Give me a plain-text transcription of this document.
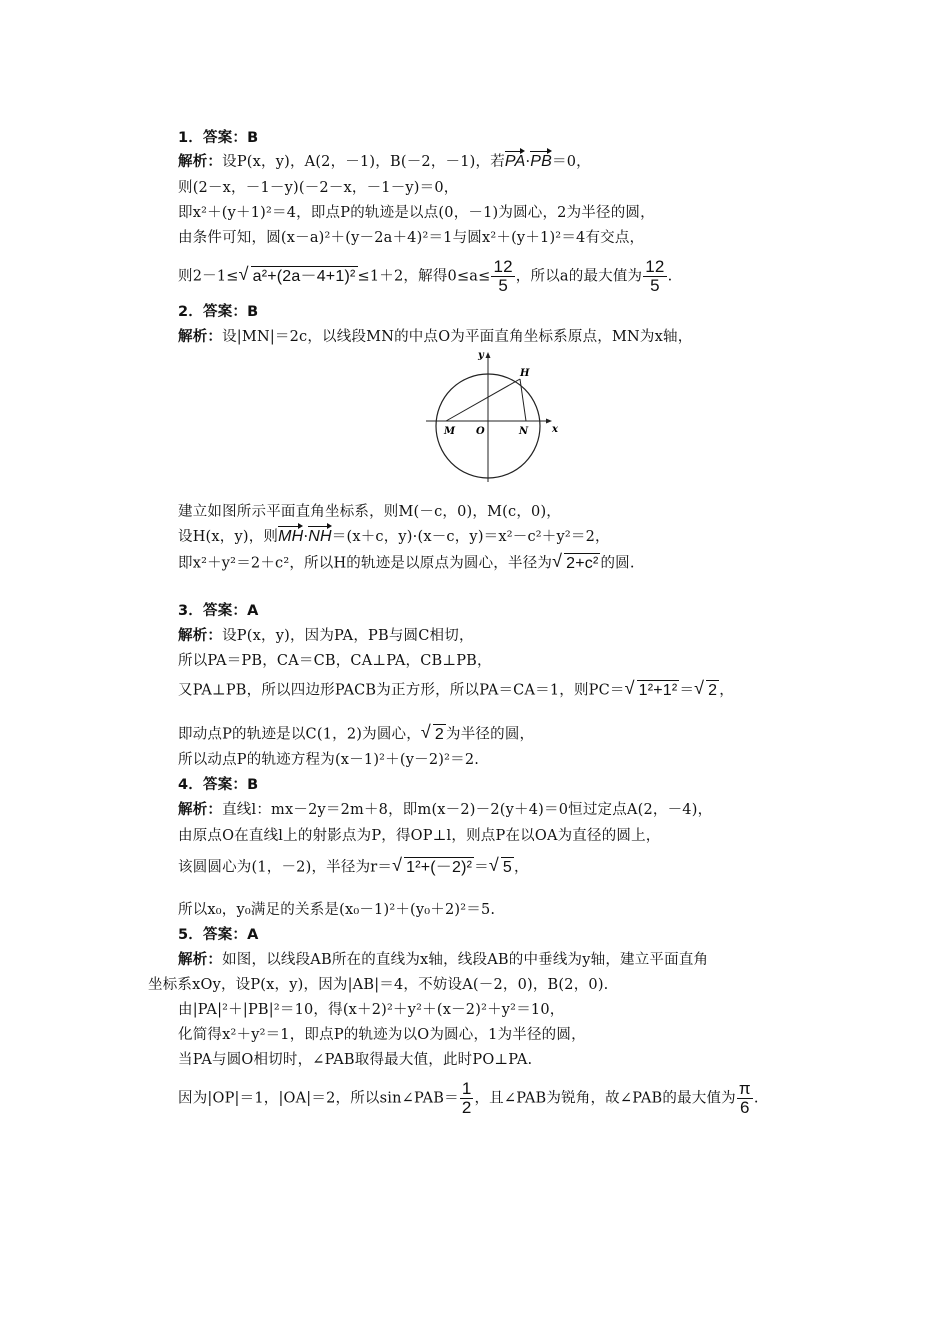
1．答案：B
解析：设P(x，y)，A(2，－1)，B(－2，－1)，若PA·PB＝0，
则(2－x，－1－y)(－2－x，－1－y)＝0，
即x²＋(y＋1)²＝4，即点P的轨迹是以点(0，－1)为圆心，2为半径的圆，
由条件可知，圆(x－a)²＋(y－2a＋4)²＝1与圆x²＋(y＋1)²＝4有交点，
则2－1≤ √ a²+(2a－4+1)² ≤1＋2，解得$0\le a\le \frac{12}{5}$ ，所以a的最大值为 $\frac{12}{5}$ .
2．答案：B
解析：设|MN|＝2c，以线段MN的中点O为平面直角坐标系原点，MN为x轴，
y
x
H
M O	N
建立如图所示平面直角坐标系，则M(－c，0)，M(c，0)，
设H(x，y)，则MH·NH＝(x＋c，y)·(x－c，y)＝x²－c²＋y²＝2，
即x²＋y²＝2＋c²，所以H的轨迹是以原点为圆心，半径为 √ 2+c² 的圆.
3．答案：A
解析：设P(x，y)，因为PA，PB与圆C相切，
所以PA＝PB，CA＝CB，CA⊥PA，CB⊥PB，
又PA⊥PB，所以四边形PACB为正方形，所以PA＝CA＝1，则PC＝ √ 1²+1² ＝ √ 2 ，
即动点P的轨迹是以C(1，2)为圆心， √ 2 为半径的圆，
所以动点P的轨迹方程为(x－1)²＋(y－2)²＝2.
4．答案：B
解析：直线l：mx－2y＝2m＋8，即m(x－2)－2(y＋4)＝0恒过定点A(2，－4)，
由原点O在直线l上的射影点为P，得OP⊥l，则点P在以OA为直径的圆上，
该圆圆心为(1，－2)，半径为r＝ √ 1²+(－2)² ＝ √ 5 ，
所以x₀，y₀满足的关系是(x₀－1)²＋(y₀＋2)²＝5.
5．答案：A
解析：如图，以线段AB所在的直线为x轴，线段AB的中垂线为y轴，建立平面直角
坐标系xOy，设P(x，y)，因为|AB|＝4，不妨设A(－2，0)，B(2，0).
由|PA|²＋|PB|²＝10，得(x＋2)²＋y²＋(x－2)²＋y²＝10，
化简得x²＋y²＝1，即点P的轨迹为以O为圆心，1为半径的圆，
当PA与圆O相切时，∠PAB取得最大值，此时PO⊥PA.
因为|OP|＝1，|OA|＝2，所以sin∠PAB＝ $\frac{1}{2}$ ，且∠PAB为锐角，故∠PAB的最大值为 $\frac{\pi}{6}$ .
